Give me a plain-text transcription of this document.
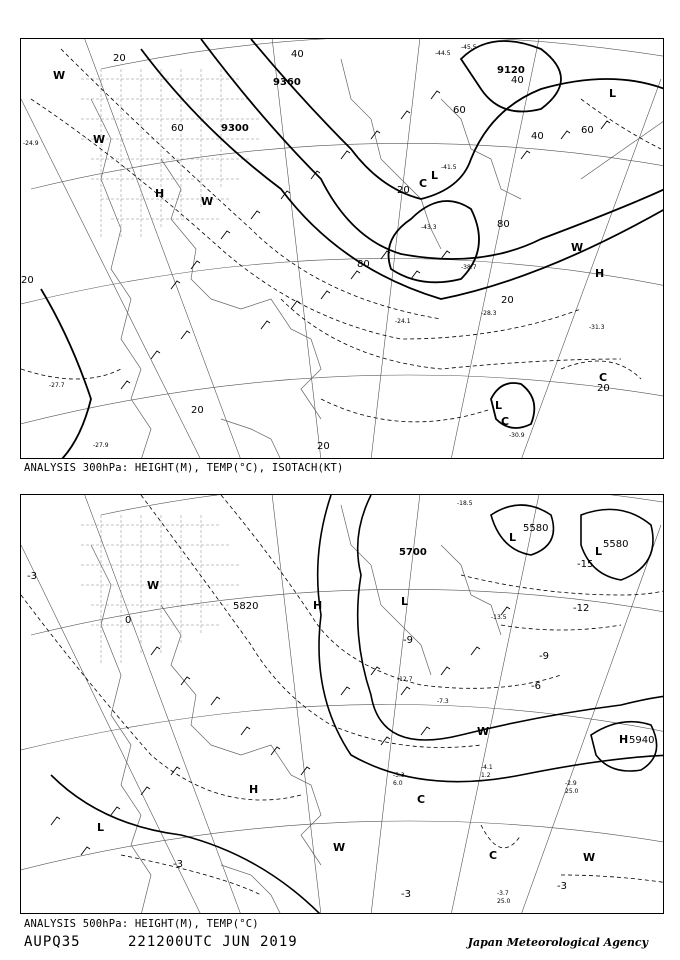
9120
9360
9300
20	40
60
80
20
40
60
80
20
20
20
20
20
40
60
-30.9
-31.3
-28.3
-24.1
-44.5
-45.5
-41.5
-43.3
-38.7
-27.7
-27.9
-24.9
H
H
L
L
L
C
C
C
W
W
W
W
ANALYSIS 300hPa: HEIGHT(M), TEMP(°C), ISOTACH(KT)
5700
5580
5580
5820
5940
-3
-3
-3
-6
-9
-9
-12
-15
0
-3
-4.1
1.2
-5.3
6.0
-3.7
25.0
-2.9
25.0
-18.5
-13.5
-12.7
-7.3
H
H
H
L
L
L
L
C
C
W
W
W
W
ANALYSIS 500hPa: HEIGHT(M), TEMP(°C)
AUPQ35	221200UTC JUN 2019	Japan Meteorological Agency
